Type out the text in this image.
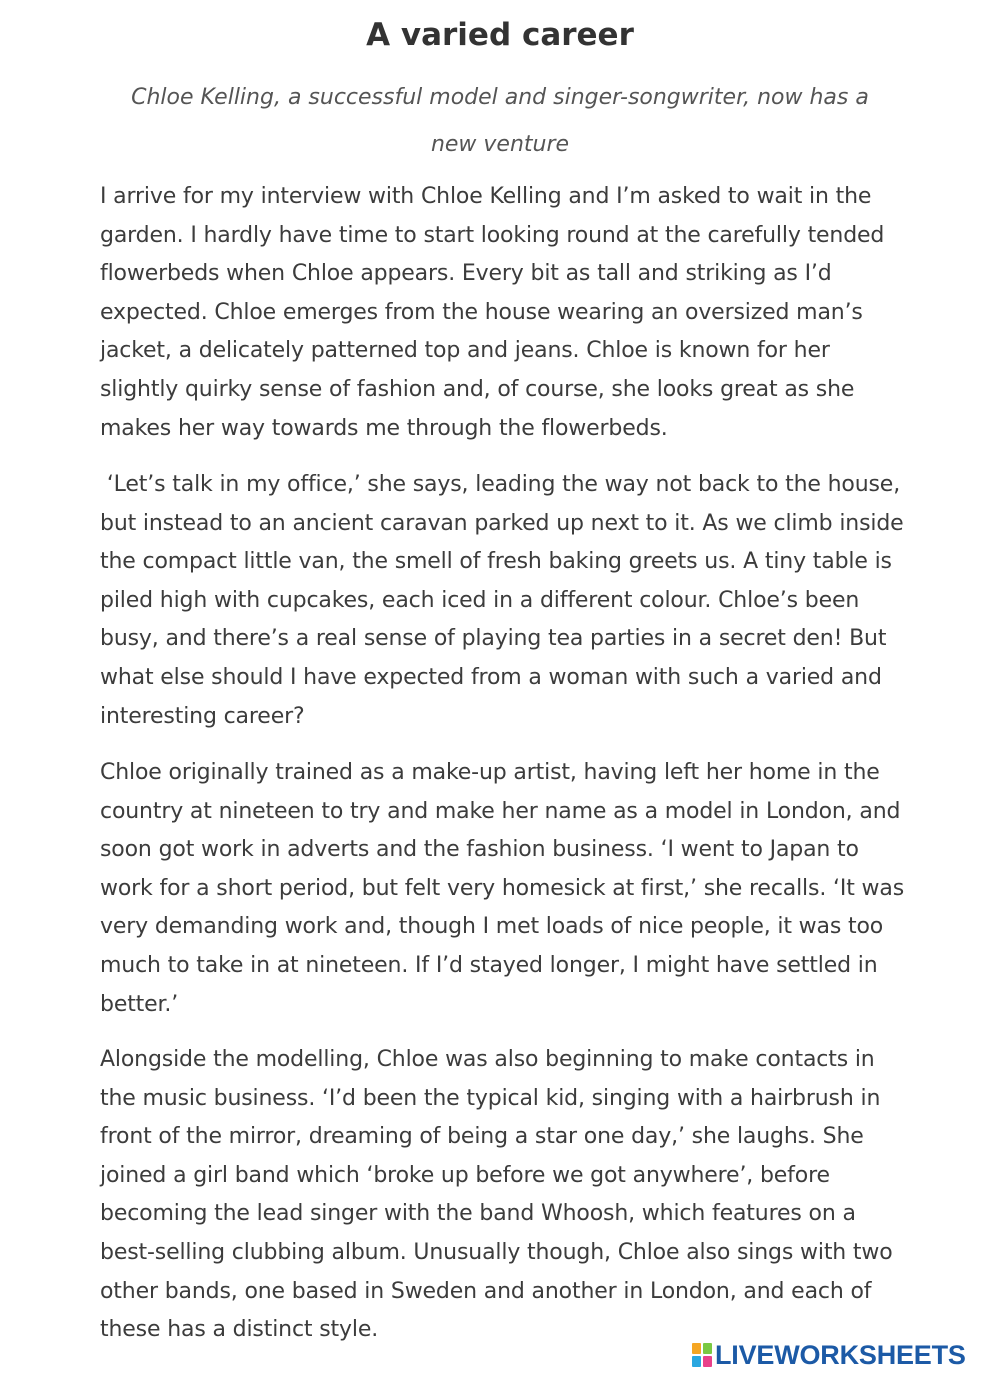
A varied career

Chloe Kelling, a successful model and singer-songwriter, now has a new venture

I arrive for my interview with Chloe Kelling and I’m asked to wait in the garden. I hardly have time to start looking round at the carefully tended flowerbeds when Chloe appears. Every bit as tall and striking as I’d expected. Chloe emerges from the house wearing an oversized man’s jacket, a delicately patterned top and jeans. Chloe is known for her slightly quirky sense of fashion and, of course, she looks great as she makes her way towards me through the flowerbeds.

‘Let’s talk in my office,’ she says, leading the way not back to the house, but instead to an ancient caravan parked up next to it. As we climb inside the compact little van, the smell of fresh baking greets us. A tiny table is piled high with cupcakes, each iced in a different colour. Chloe’s been busy, and there’s a real sense of playing tea parties in a secret den! But what else should I have expected from a woman with such a varied and interesting career?

Chloe originally trained as a make-up artist, having left her home in the country at nineteen to try and make her name as a model in London, and soon got work in adverts and the fashion business. ‘I went to Japan to work for a short period, but felt very homesick at first,’ she recalls. ‘It was very demanding work and, though I met loads of nice people, it was too much to take in at nineteen. If I’d stayed longer, I might have settled in better.’

Alongside the modelling, Chloe was also beginning to make contacts in the music business. ‘I’d been the typical kid, singing with a hairbrush in front of the mirror, dreaming of being a star one day,’ she laughs. She joined a girl band which ‘broke up before we got anywhere’, before becoming the lead singer with the band Whoosh, which features on a best-selling clubbing album. Unusually though, Chloe also sings with two other bands, one based in Sweden and another in London, and each of these has a distinct style.

LIVEWORKSHEETS
